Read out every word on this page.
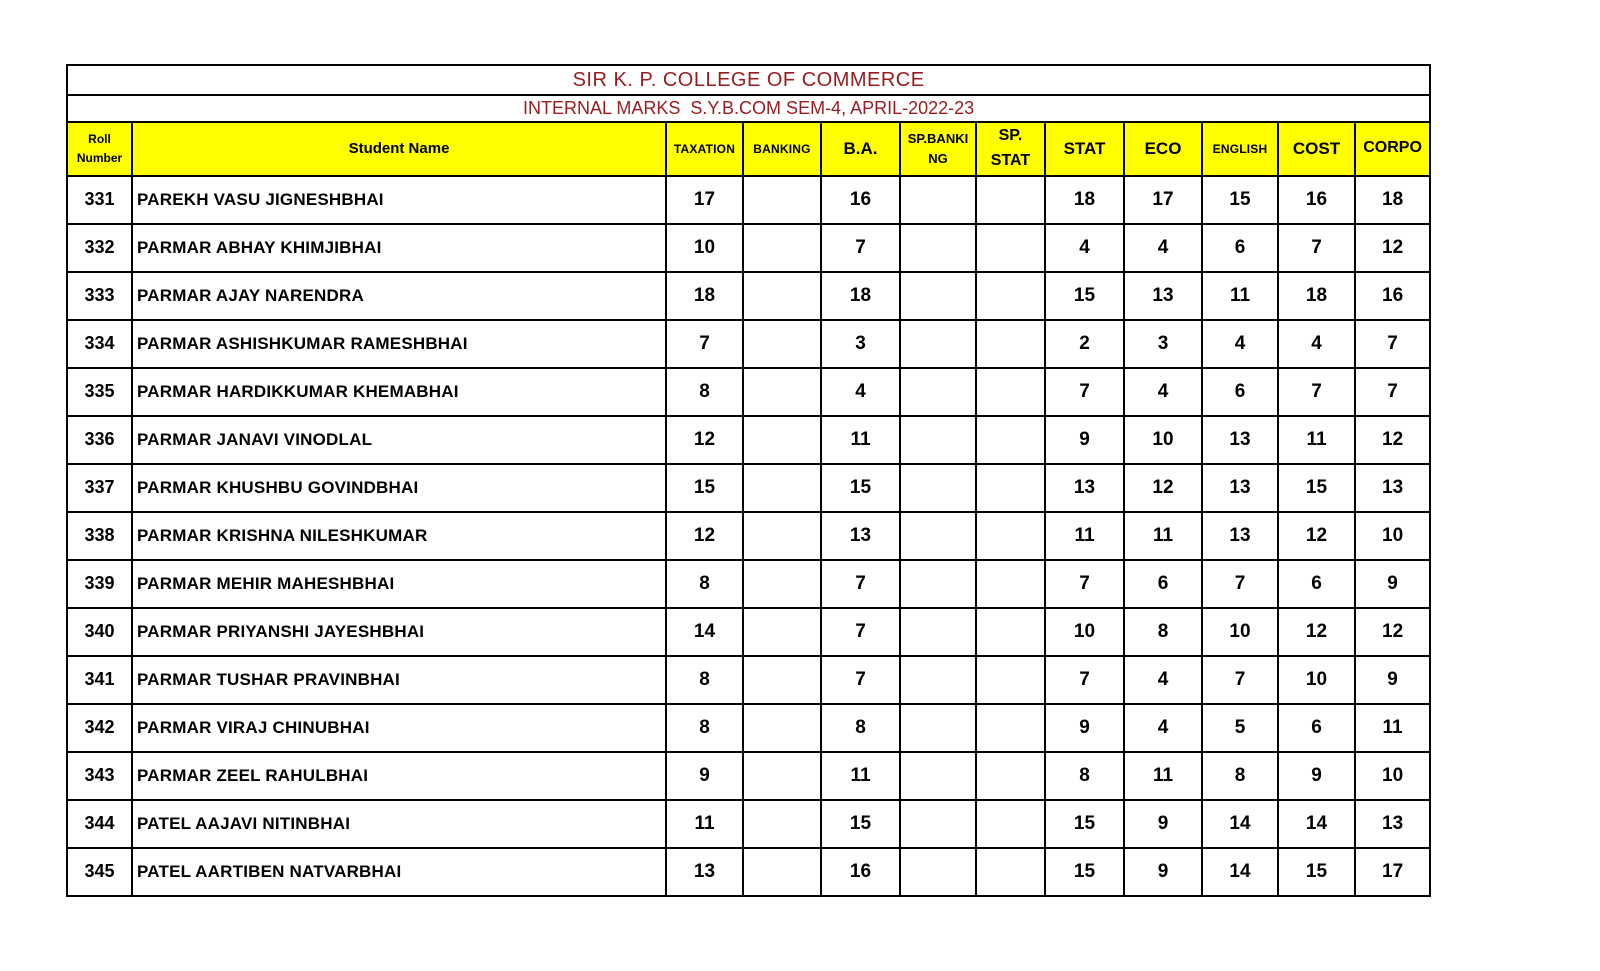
SIR K. P. COLLEGE OF COMMERCE											
INTERNAL MARKS  S.Y.B.COM SEM-4, APRIL-2022-23											
Roll Number	Student Name	TAXATION	BANKING	B.A.	SP.BANKING	SP. STAT	STAT	ECO	ENGLISH	COST	CORPO
331	PAREKH VASU JIGNESHBHAI	17		16			18	17	15	16	18
332	PARMAR ABHAY KHIMJIBHAI	10		7			4	4	6	7	12
333	PARMAR AJAY NARENDRA	18		18			15	13	11	18	16
334	PARMAR ASHISHKUMAR RAMESHBHAI	7		3			2	3	4	4	7
335	PARMAR HARDIKKUMAR KHEMABHAI	8		4			7	4	6	7	7
336	PARMAR JANAVI VINODLAL	12		11			9	10	13	11	12
337	PARMAR KHUSHBU GOVINDBHAI	15		15			13	12	13	15	13
338	PARMAR KRISHNA NILESHKUMAR	12		13			11	11	13	12	10
339	PARMAR MEHIR MAHESHBHAI	8		7			7	6	7	6	9
340	PARMAR PRIYANSHI JAYESHBHAI	14		7			10	8	10	12	12
341	PARMAR TUSHAR PRAVINBHAI	8		7			7	4	7	10	9
342	PARMAR VIRAJ CHINUBHAI	8		8			9	4	5	6	11
343	PARMAR ZEEL RAHULBHAI	9		11			8	11	8	9	10
344	PATEL AAJAVI NITINBHAI	11		15			15	9	14	14	13
345	PATEL AARTIBEN NATVARBHAI	13		16			15	9	14	15	17
